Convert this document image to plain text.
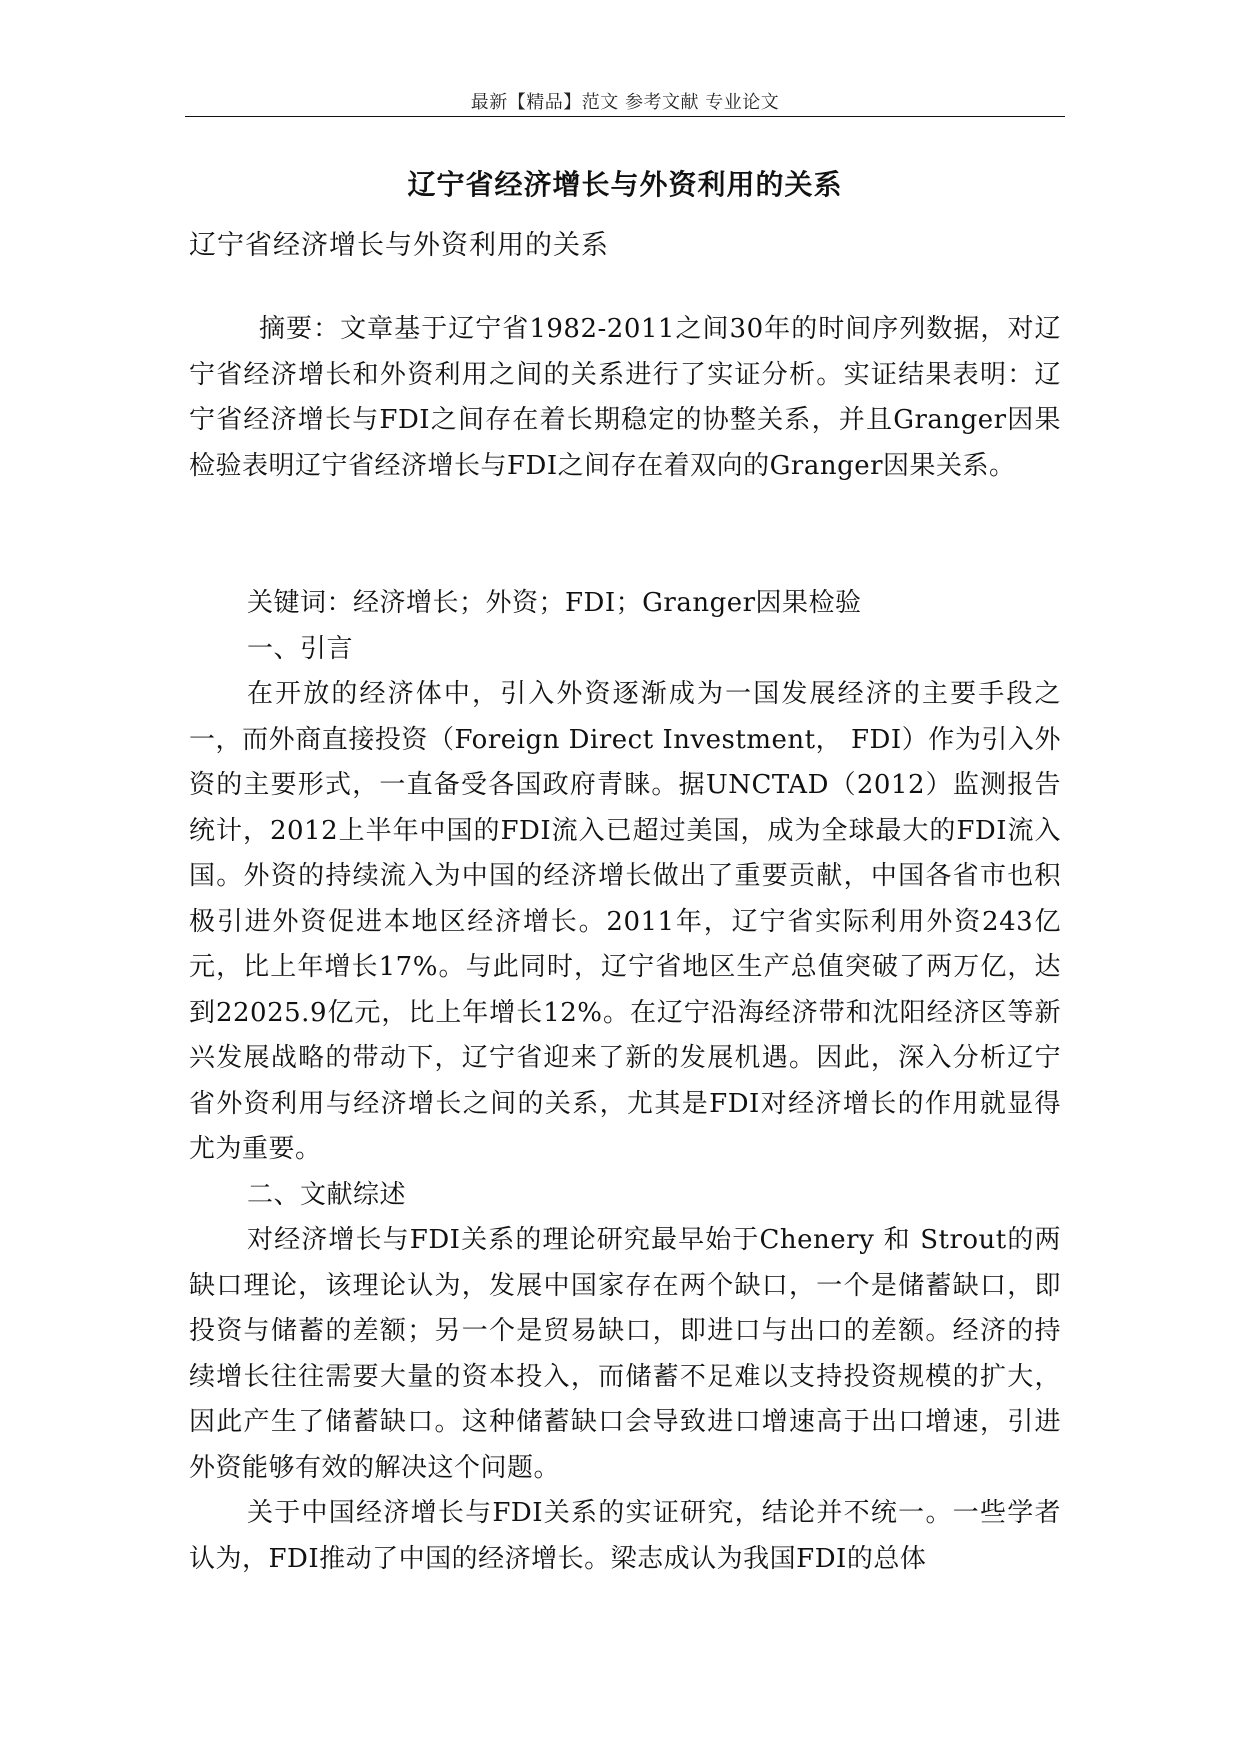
最新【精品】范文 参考文献 专业论文
辽宁省经济增长与外资利用的关系
辽宁省经济增长与外资利用的关系

摘要：文章基于辽宁省1982-2011之间30年的时间序列数据，对辽宁省经济增长和外资利用之间的关系进行了实证分析。实证结果表明：辽宁省经济增长与FDI之间存在着长期稳定的协整关系，并且Granger因果检验表明辽宁省经济增长与FDI之间存在着双向的Granger因果关系。

关键词：经济增长；外资；FDI；Granger因果检验

一、引言

在开放的经济体中，引入外资逐渐成为一国发展经济的主要手段之一，而外商直接投资（Foreign Direct Investment， FDI）作为引入外资的主要形式，一直备受各国政府青睐。据UNCTAD（2012）监测报告统计，2012上半年中国的FDI流入已超过美国，成为全球最大的FDI流入国。外资的持续流入为中国的经济增长做出了重要贡献，中国各省市也积极引进外资促进本地区经济增长。2011年，辽宁省实际利用外资243亿元，比上年增长17%。与此同时，辽宁省地区生产总值突破了两万亿，达到22025.9亿元，比上年增长12%。在辽宁沿海经济带和沈阳经济区等新兴发展战略的带动下，辽宁省迎来了新的发展机遇。因此，深入分析辽宁省外资利用与经济增长之间的关系，尤其是FDI对经济增长的作用就显得尤为重要。

二、文献综述

对经济增长与FDI关系的理论研究最早始于Chenery 和 Strout的两缺口理论，该理论认为，发展中国家存在两个缺口，一个是储蓄缺口，即投资与储蓄的差额；另一个是贸易缺口，即进口与出口的差额。经济的持续增长往往需要大量的资本投入，而储蓄不足难以支持投资规模的扩大，因此产生了储蓄缺口。这种储蓄缺口会导致进口增速高于出口增速，引进外资能够有效的解决这个问题。

关于中国经济增长与FDI关系的实证研究，结论并不统一。一些学者认为，FDI推动了中国的经济增长。梁志成认为我国FDI的总体
